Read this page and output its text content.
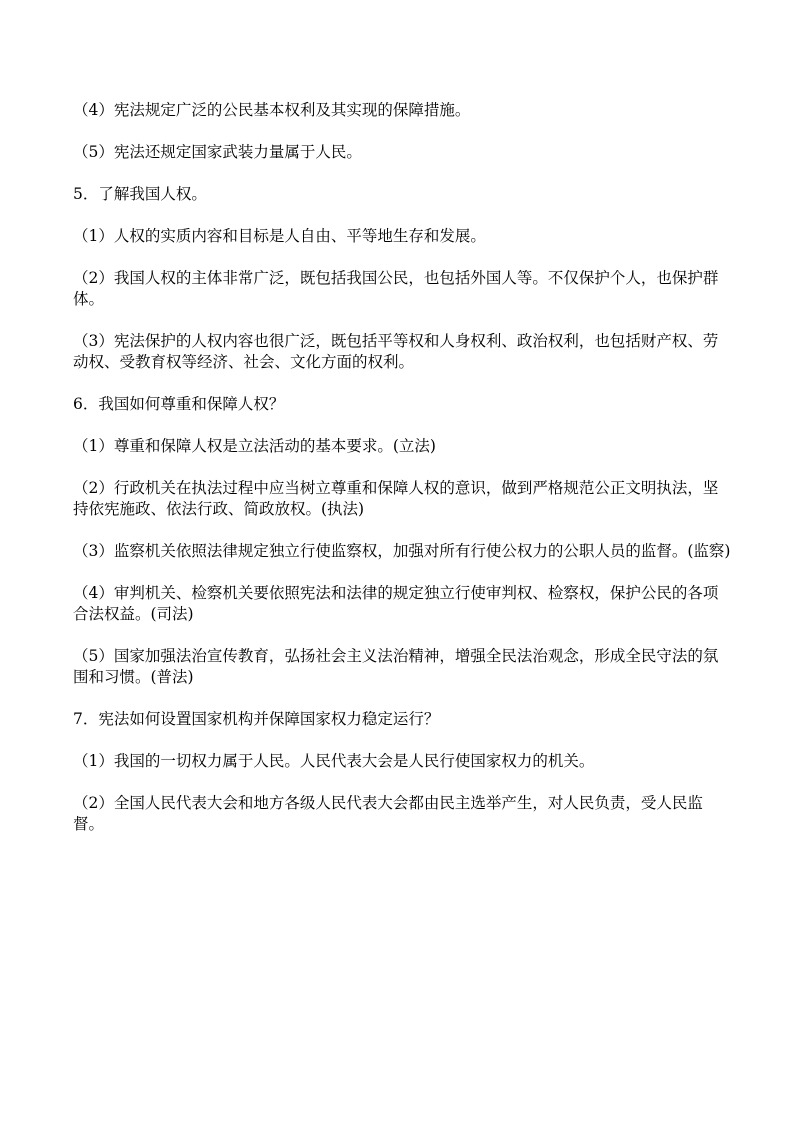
（4）宪法规定广泛的公民基本权利及其实现的保障措施。

（5）宪法还规定国家武装力量属于人民。

5．了解我国人权。

（1）人权的实质内容和目标是人自由、平等地生存和发展。

（2）我国人权的主体非常广泛，既包括我国公民，也包括外国人等。不仅保护个人，也保护群体。

（3）宪法保护的人权内容也很广泛，既包括平等权和人身权利、政治权利，也包括财产权、劳动权、受教育权等经济、社会、文化方面的权利。

6．我国如何尊重和保障人权？

（1）尊重和保障人权是立法活动的基本要求。(立法)

（2）行政机关在执法过程中应当树立尊重和保障人权的意识，做到严格规范公正文明执法，坚持依宪施政、依法行政、简政放权。(执法)

（3）监察机关依照法律规定独立行使监察权，加强对所有行使公权力的公职人员的监督。(监察)

（4）审判机关、检察机关要依照宪法和法律的规定独立行使审判权、检察权，保护公民的各项合法权益。(司法)

（5）国家加强法治宣传教育，弘扬社会主义法治精神，增强全民法治观念，形成全民守法的氛围和习惯。(普法)

7．宪法如何设置国家机构并保障国家权力稳定运行？

（1）我国的一切权力属于人民。人民代表大会是人民行使国家权力的机关。

（2）全国人民代表大会和地方各级人民代表大会都由民主选举产生，对人民负责，受人民监督。
